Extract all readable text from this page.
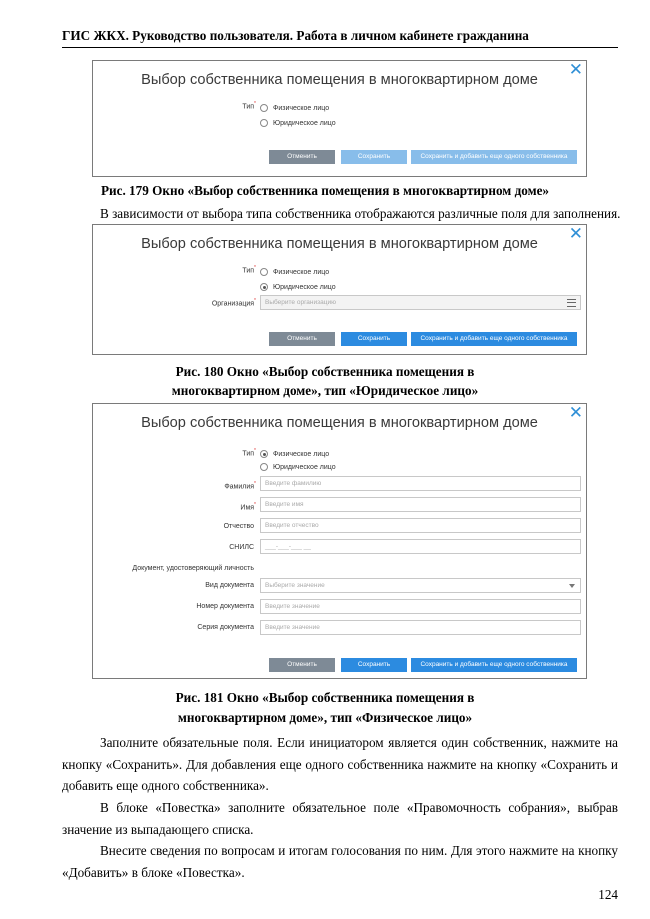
ГИС ЖКХ. Руководство пользователя. Работа в личном кабинете гражданина
✕
Выбор собственника помещения в многоквартирном доме
Тип*
Физическое лицо
Юридическое лицо
Отменить	Сохранить	Сохранить и добавить еще одного собственника
Рис. 179 Окно «Выбор собственника помещения в многоквартирном доме»
В зависимости от выбора типа собственника отображаются различные поля для заполнения.
✕
Выбор собственника помещения в многоквартирном доме
Тип*
Физическое лицо
Юридическое лицо
Организация*	Выберите организацию
Отменить	Сохранить	Сохранить и добавить еще одного собственника
Рис. 180 Окно «Выбор собственника помещения в
многоквартирном доме», тип «Юридическое лицо»
✕
Выбор собственника помещения в многоквартирном доме
Тип* Физическое лицо
Юридическое лицо
Фамилия*	Введите фамилию
Имя*	Введите имя
Отчество	Введите отчество
СНИЛС	___-___-___ __
Документ, удостоверяющий личность
Вид документа	Выберите значение
Номер документа	Введите значение
Серия документа	Введите значение
Отменить	Сохранить	Сохранить и добавить еще одного собственника
Рис. 181 Окно «Выбор собственника помещения в
многоквартирном доме», тип «Физическое лицо»
Заполните обязательные поля. Если инициатором является один собственник, нажмите на кнопку «Сохранить». Для добавления еще одного собственника нажмите на кнопку «Сохранить и добавить еще одного собственника».
В блоке «Повестка» заполните обязательное поле «Правомочность собрания», выбрав значение из выпадающего списка.
Внесите сведения по вопросам и итогам голосования по ним. Для этого нажмите на кнопку «Добавить» в блоке «Повестка».
124
